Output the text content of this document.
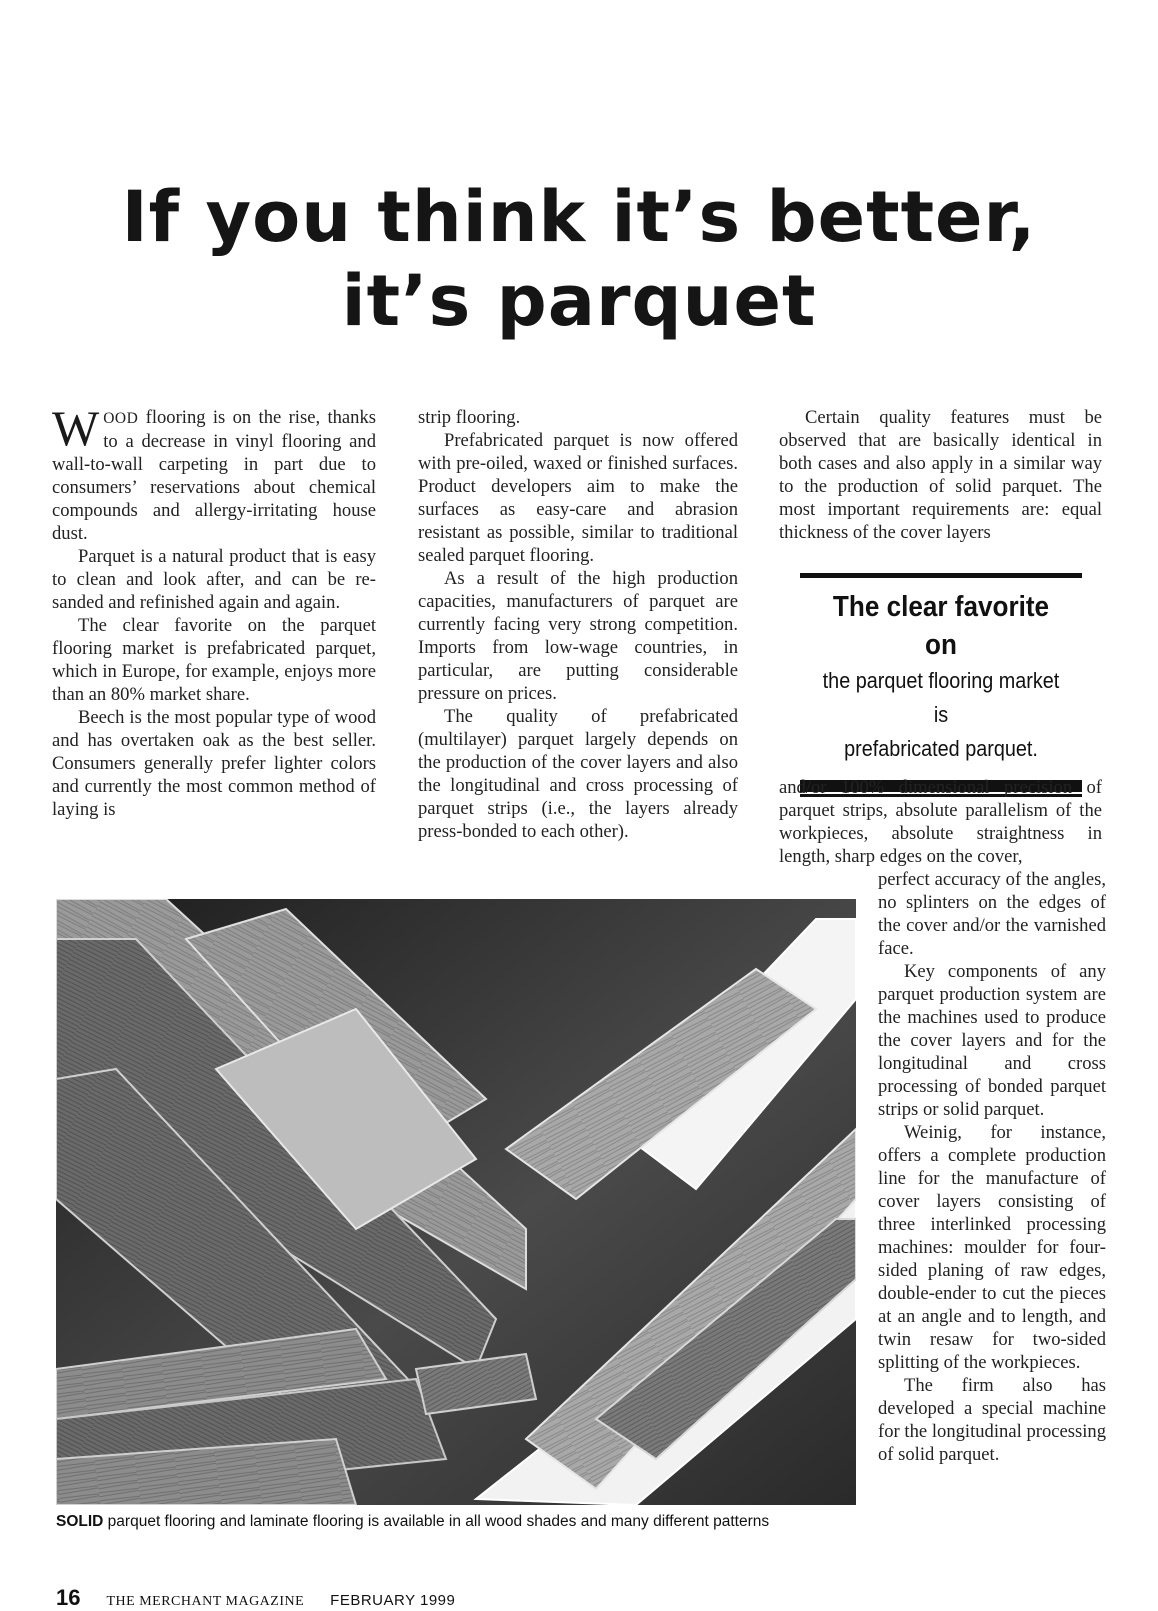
If you think it’s better,
it’s parquet

WOOD flooring is on the rise, thanks to a decrease in vinyl flooring and wall-to-wall carpeting in part due to consumers’ reservations about chemical compounds and allergy-irritating house dust.

Parquet is a natural product that is easy to clean and look after, and can be re-sanded and refinished again and again.

The clear favorite on the parquet flooring market is prefabricated parquet, which in Europe, for example, enjoys more than an 80% market share.

Beech is the most popular type of wood and has overtaken oak as the best seller. Consumers generally prefer lighter colors and currently the most common method of laying is

strip flooring.

Prefabricated parquet is now offered with pre-oiled, waxed or finished surfaces. Product developers aim to make the surfaces as easy-care and abrasion resistant as possible, similar to traditional sealed parquet flooring.

As a result of the high production capacities, manufacturers of parquet are currently facing very strong competition. Imports from low-wage countries, in particular, are putting considerable pressure on prices.

The quality of prefabricated (multilayer) parquet largely depends on the production of the cover layers and also the longitudinal and cross processing of parquet strips (i.e., the layers already press-bonded to each other).

Certain quality features must be observed that are basically identical in both cases and also apply in a similar way to the production of solid parquet. The most important requirements are: equal thickness of the cover layers

The clear favorite on
the parquet flooring market is
prefabricated parquet.

and/or 100% dimensional precision of parquet strips, absolute parallelism of the workpieces, absolute straightness in length, sharp edges on the cover,

perfect accuracy of the angles, no splinters on the edges of the cover and/or the varnished face.

Key components of any parquet production system are the machines used to produce the cover layers and for the longitudinal and cross processing of bonded parquet strips or solid parquet.

Weinig, for instance, offers a complete production line for the manufacture of cover layers consisting of three interlinked processing machines: moulder for four-sided planing of raw edges, double-ender to cut the pieces at an angle and to length, and twin resaw for two-sided splitting of the workpieces.

The firm also has developed a special machine for the longitudinal processing of solid parquet.

SOLID parquet flooring and laminate flooring is available in all wood shades and many different patterns

16 THE MERCHANT MAGAZINE FEBRUARY 1999
